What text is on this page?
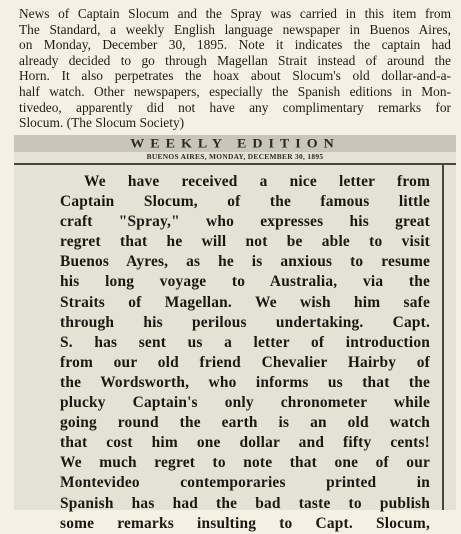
News of Captain Slocum and the Spray was carried in this item from
The Standard, a weekly English language newspaper in Buenos Aires,
on Monday, December 30, 1895. Note it indicates the captain had
already decided to go through Magellan Strait instead of around the
Horn. It also perpetrates the hoax about Slocum's old dollar-and-a-
half watch. Other newspapers, especially the Spanish editions in Mon-
tivedeo, apparently did not have any complimentary remarks for
Slocum. (The Slocum Society)
WEEKLY EDITION
BUENOS AIRES, MONDAY, DECEMBER 30, 1895
We have received a nice letter from
Captain Slocum, of the famous little
craft "Spray," who expresses his great
regret that he will not be able to visit
Buenos Ayres, as he is anxious to resume
his long voyage to Australia, via the
Straits of Magellan. We wish him safe
through his perilous undertaking. Capt.
S. has sent us a letter of introduction
from our old friend Chevalier Hairby of
the Wordsworth, who informs us that the
plucky Captain's only chronometer while
going round the earth is an old watch
that cost him one dollar and fifty cents!
We much regret to note that one of our
Montevideo contemporaries printed in
Spanish has had the bad taste to publish
some remarks insulting to Capt. Slocum,
